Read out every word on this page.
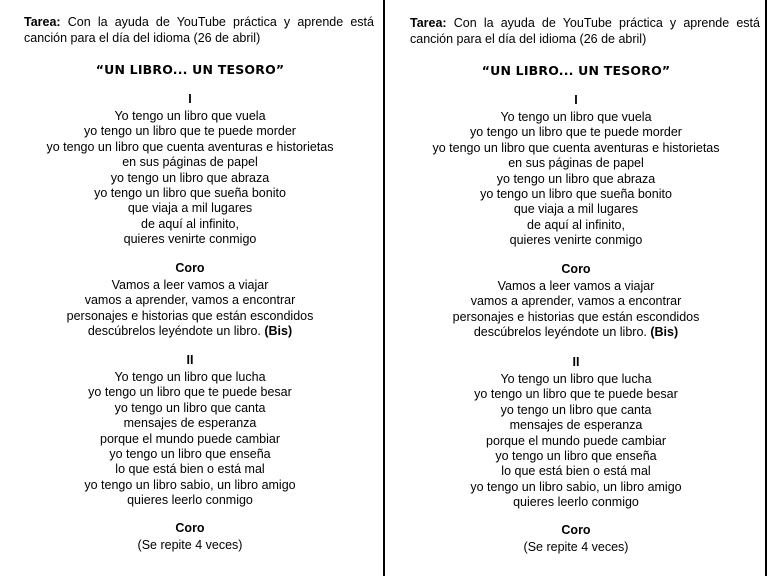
Tarea: Con la ayuda de YouTube práctica y aprende está canción para el día del idioma (26 de abril)
“UN LIBRO... UN TESORO”
I
Yo tengo un libro que vuela
yo tengo un libro que te puede morder
yo tengo un libro que cuenta aventuras e historietas
en sus páginas de papel
yo tengo un libro que abraza
yo tengo un libro que sueña bonito
que viaja a mil lugares
de aquí al infinito,
quieres venirte conmigo
Coro
Vamos a leer vamos a viajar
vamos a aprender, vamos a encontrar
personajes e historias que están escondidos
descúbrelos leyéndote un libro. (Bis)
II
Yo tengo un libro que lucha
yo tengo un libro que te puede besar
yo tengo un libro que canta
mensajes de esperanza
porque el mundo puede cambiar
yo tengo un libro que enseña
lo que está bien o está mal
yo tengo un libro sabio, un libro amigo
quieres leerlo conmigo
Coro
(Se repite 4 veces)
Tarea: Con la ayuda de YouTube práctica y aprende está canción para el día del idioma (26 de abril)
“UN LIBRO... UN TESORO”
I
Yo tengo un libro que vuela
yo tengo un libro que te puede morder
yo tengo un libro que cuenta aventuras e historietas
en sus páginas de papel
yo tengo un libro que abraza
yo tengo un libro que sueña bonito
que viaja a mil lugares
de aquí al infinito,
quieres venirte conmigo
Coro
Vamos a leer vamos a viajar
vamos a aprender, vamos a encontrar
personajes e historias que están escondidos
descúbrelos leyéndote un libro. (Bis)
II
Yo tengo un libro que lucha
yo tengo un libro que te puede besar
yo tengo un libro que canta
mensajes de esperanza
porque el mundo puede cambiar
yo tengo un libro que enseña
lo que está bien o está mal
yo tengo un libro sabio, un libro amigo
quieres leerlo conmigo
Coro
(Se repite 4 veces)
